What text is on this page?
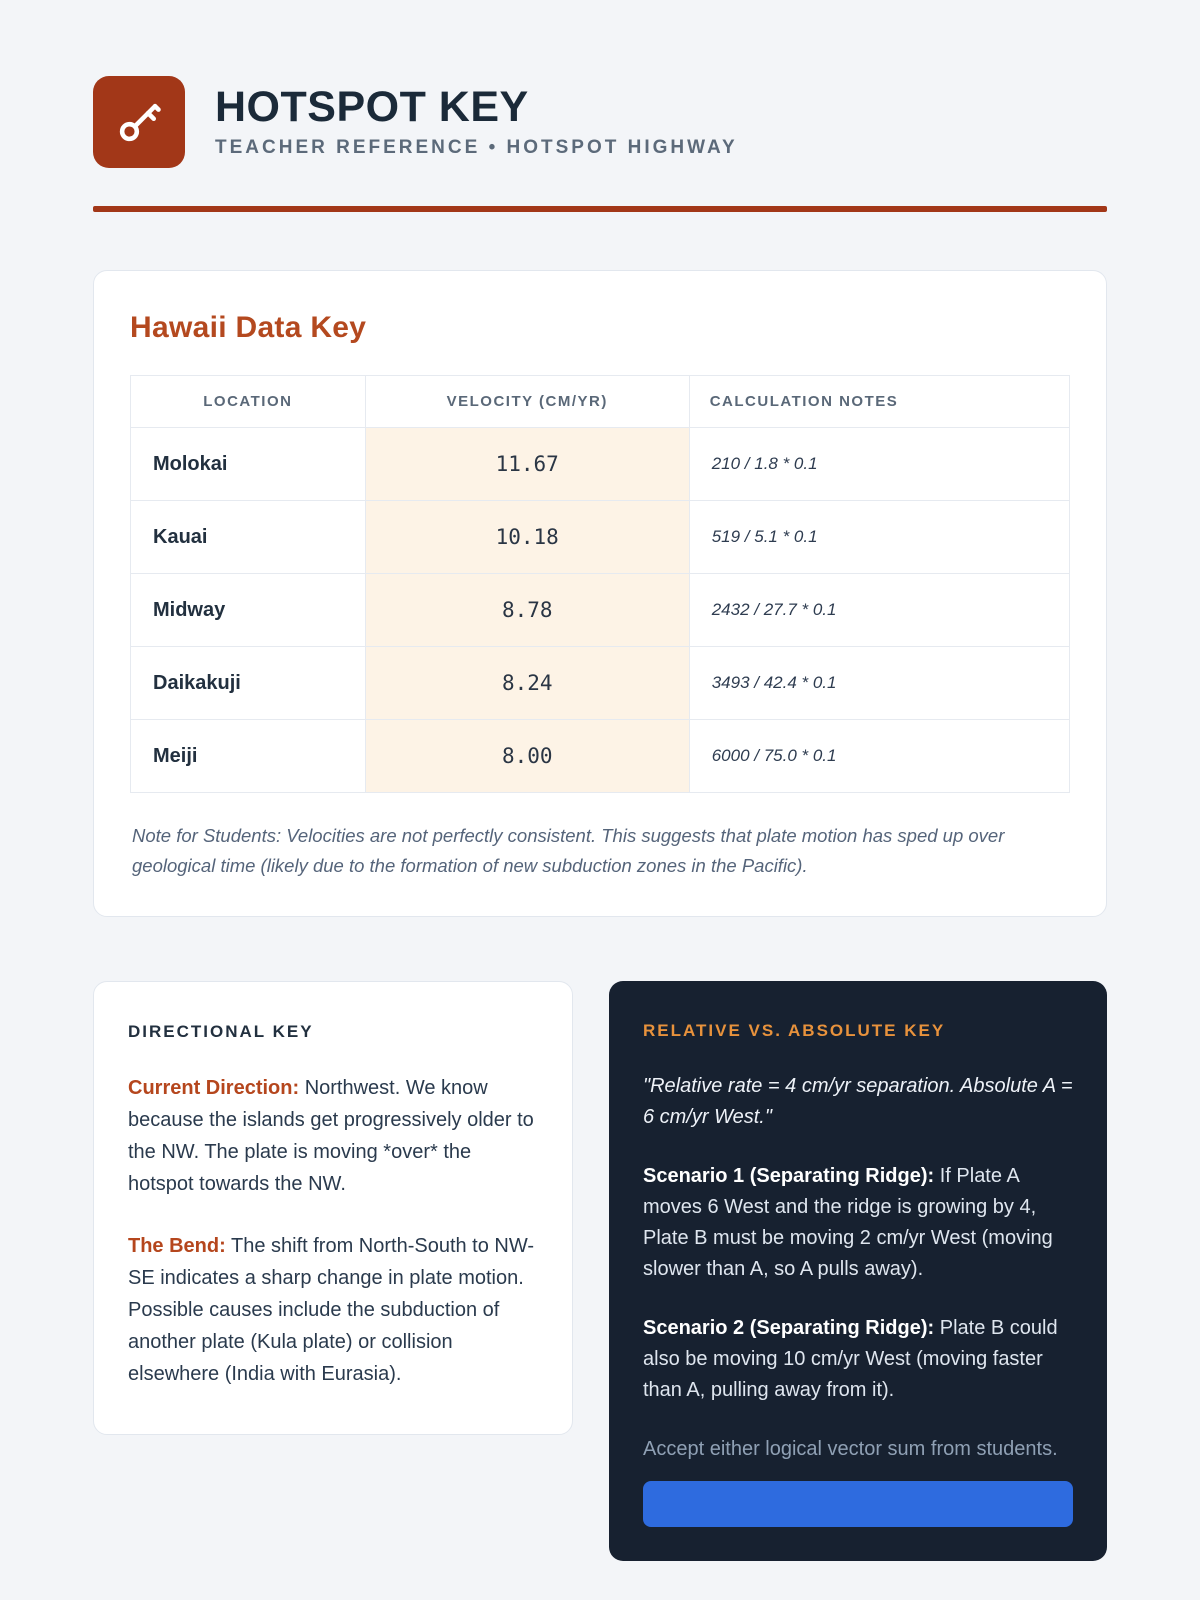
HOTSPOT KEY
TEACHER REFERENCE • HOTSPOT HIGHWAY
Hawaii Data Key
LOCATION	VELOCITY (CM/YR)	CALCULATION NOTES
Molokai	11.67	210 / 1.8 * 0.1
Kauai	10.18	519 / 5.1 * 0.1
Midway	8.78	2432 / 27.7 * 0.1
Daikakuji	8.24	3493 / 42.4 * 0.1
Meiji	8.00	6000 / 75.0 * 0.1

Note for Students: Velocities are not perfectly consistent. This suggests that plate motion has sped up over geological time (likely due to the formation of new subduction zones in the Pacific).

DIRECTIONAL KEY

Current Direction: Northwest. We know because the islands get progressively older to the NW. The plate is moving *over* the hotspot towards the NW.

The Bend: The shift from North-South to NW-SE indicates a sharp change in plate motion. Possible causes include the subduction of another plate (Kula plate) or collision elsewhere (India with Eurasia).

RELATIVE VS. ABSOLUTE KEY

"Relative rate = 4 cm/yr separation. Absolute A = 6 cm/yr West."

Scenario 1 (Separating Ridge): If Plate A moves 6 West and the ridge is growing by 4, Plate B must be moving 2 cm/yr West (moving slower than A, so A pulls away).

Scenario 2 (Separating Ridge): Plate B could also be moving 10 cm/yr West (moving faster than A, pulling away from it).

Accept either logical vector sum from students.
